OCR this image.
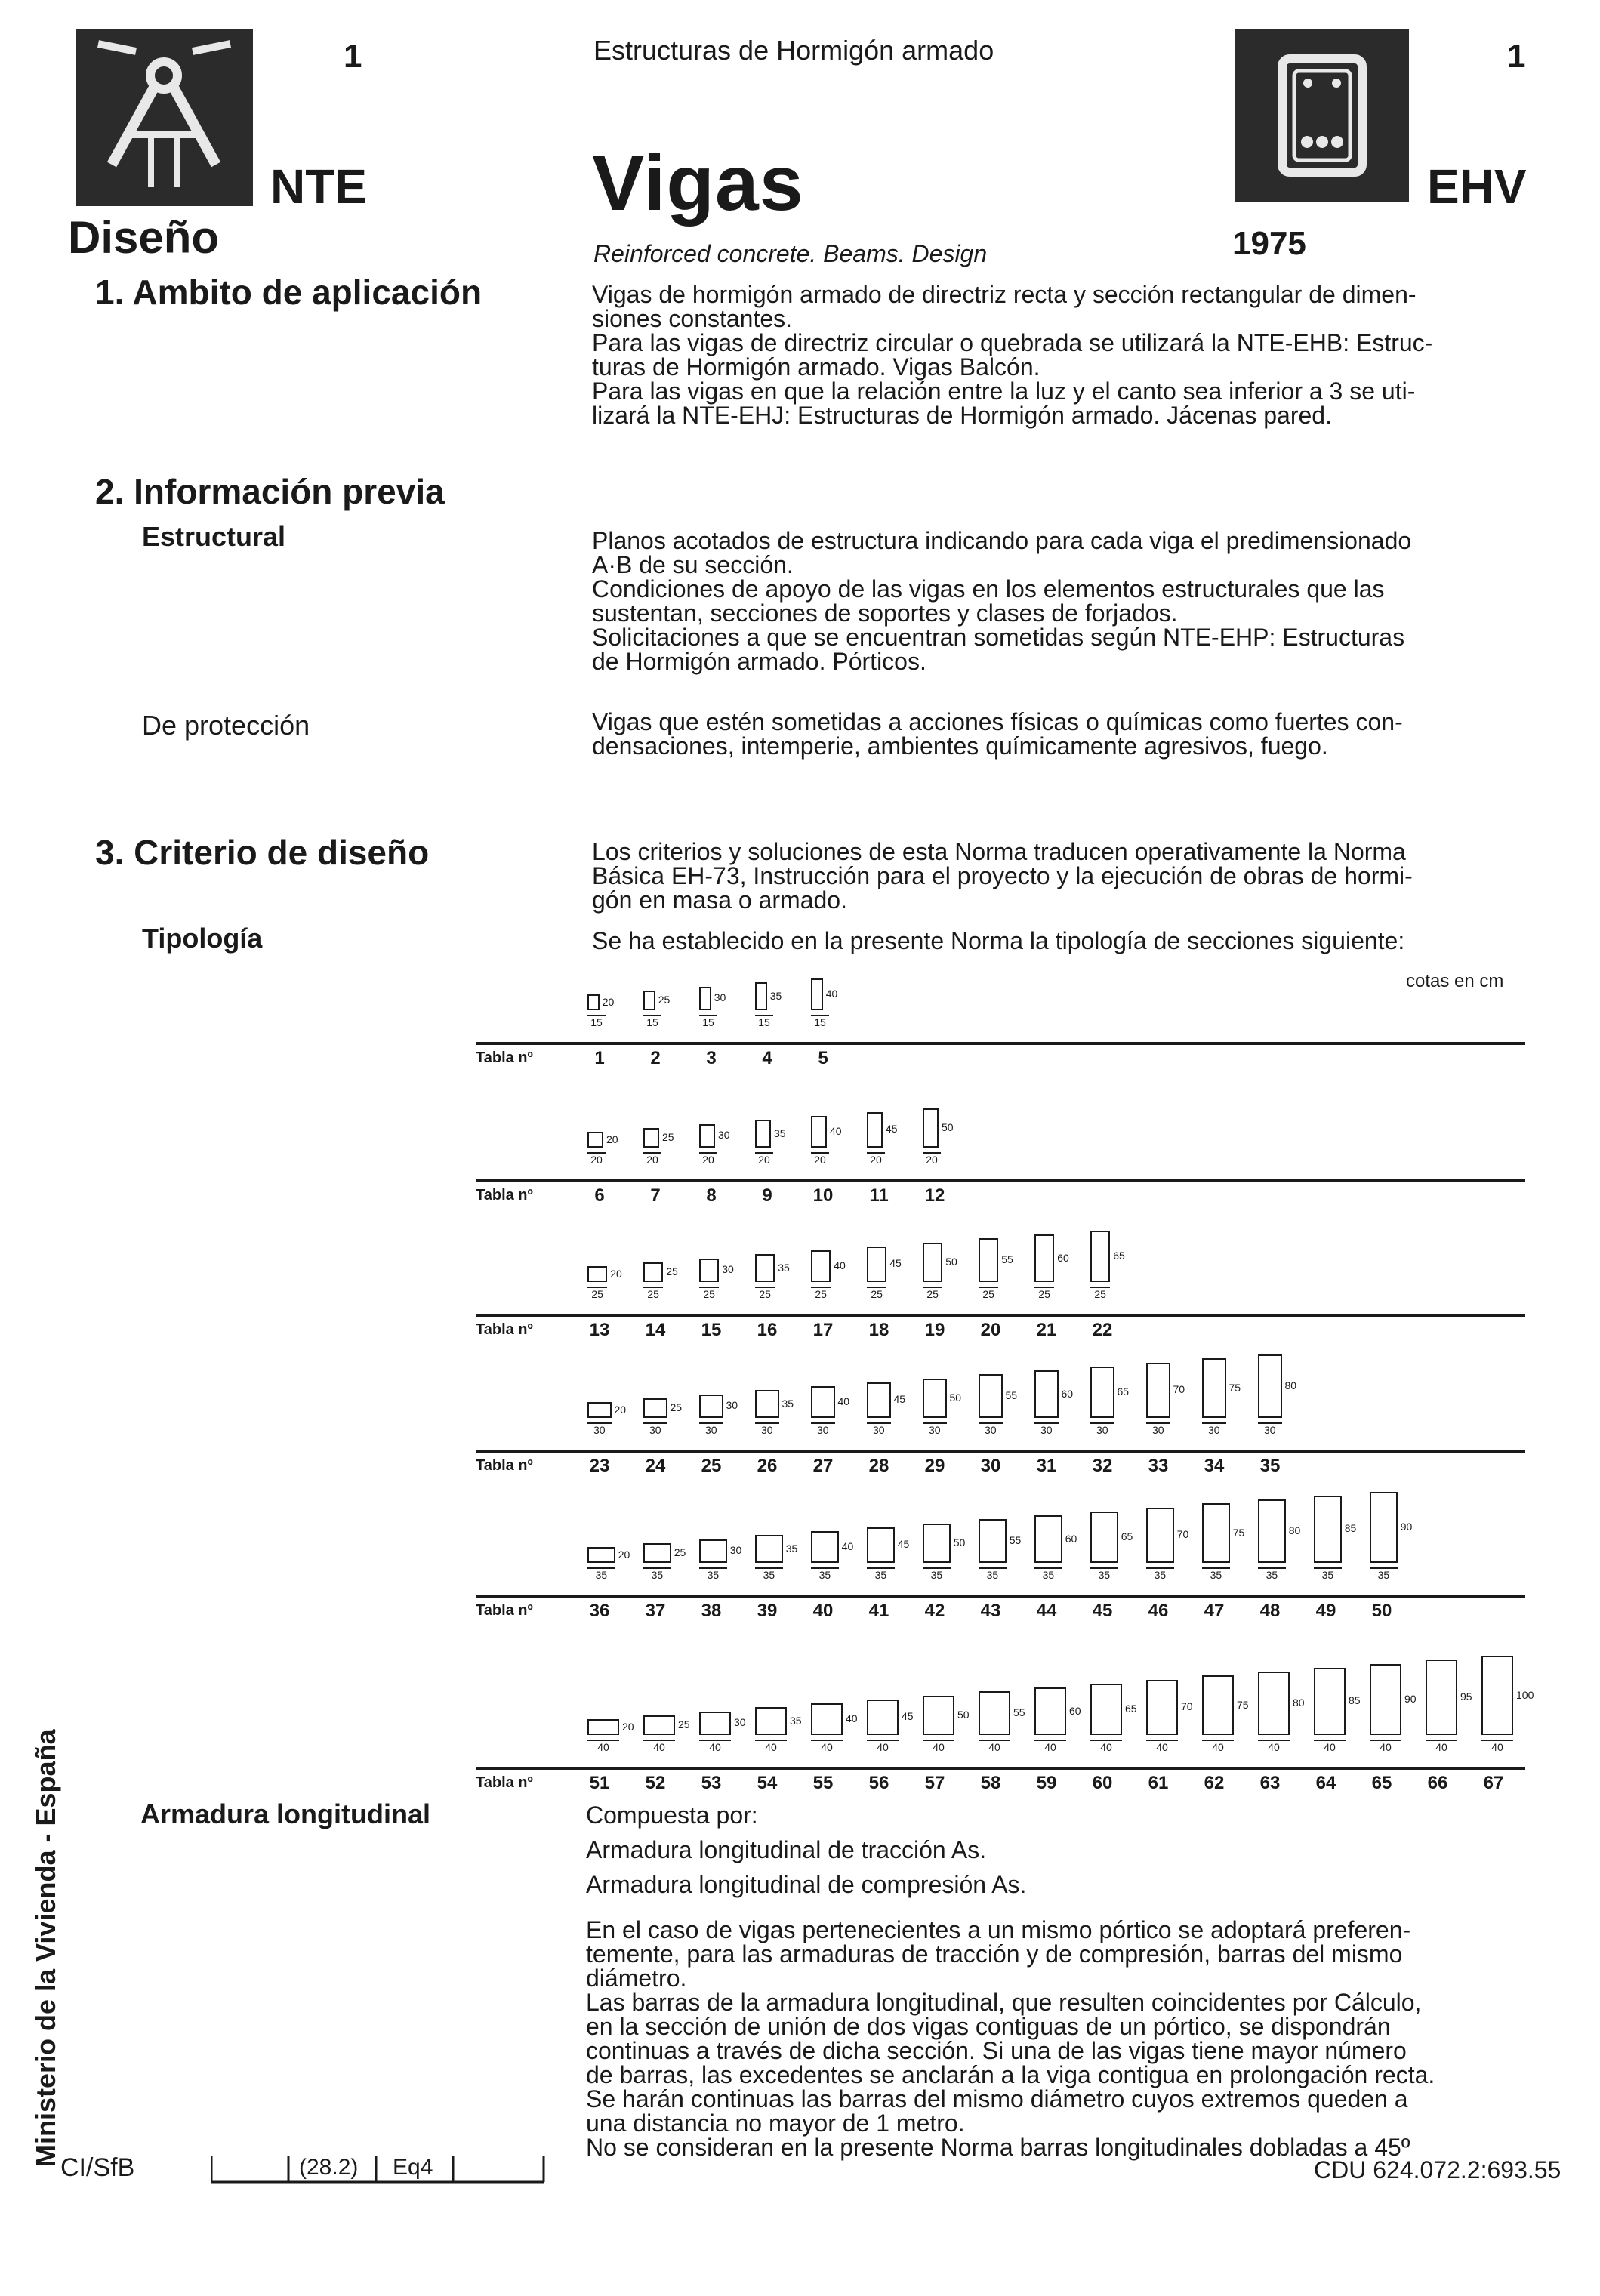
1
NTE
Diseño
Estructuras de Hormigón armado
Vigas
Reinforced concrete. Beams. Design
1
EHV
1975
1. Ambito de aplicación	Vigas de hormigón armado de directriz recta y sección rectangular de dimen-

siones constantes.

Para las vigas de directriz circular o quebrada se utilizará la NTE-EHB: Estruc-

turas de Hormigón armado. Vigas Balcón.

Para las vigas en que la relación entre la luz y el canto sea inferior a 3 se uti-

lizará la NTE-EHJ: Estructuras de Hormigón armado. Jácenas pared.

2. Información previa
Estructural	Planos acotados de estructura indicando para cada viga el predimensionado

A·B de su sección.

Condiciones de apoyo de las vigas en los elementos estructurales que las

sustentan, secciones de soportes y clases de forjados.

Solicitaciones a que se encuentran sometidas según NTE-EHP: Estructuras

de Hormigón armado. Pórticos.

De protección	Vigas que estén sometidas a acciones físicas o químicas como fuertes con-

densaciones, intemperie, ambientes químicamente agresivos, fuego.

3. Criterio de diseño	Los criterios y soluciones de esta Norma traducen operativamente la Norma

Básica EH-73, Instrucción para el proyecto y la ejecución de obras de hormi-

gón en masa o armado.

Tipología	Se ha establecido en la presente Norma la tipología de secciones siguiente:
cotas en cm
Tabla nº
20
15
1
25
15
2
30
15
3
35
15
4
40
15
5
Tabla nº
20
20
6
25
20
7
30
20
8
35
20
9
40
20
10
45
20
11
50
20
12
Tabla nº
20
25
13
25
25
14
30
25
15
35
25
16
40
25
17
45
25
18
50
25
19
55
25
20
60
25
21
65
25
22
Tabla nº
20
30
23
25
30
24
30
30
25
35
30
26
40
30
27
45
30
28
50
30
29
55
30
30
60
30
31
65
30
32
70
30
33
75
30
34
80
30
35
Tabla nº
20
35
36
25
35
37
30
35
38
35
35
39
40
35
40
45
35
41
50
35
42
55
35
43
60
35
44
65
35
45
70
35
46
75
35
47
80
35
48
85
35
49
90
35
50
Tabla nº
20
40
51
25
40
52
30
40
53
35
40
54
40
40
55
45
40
56
50
40
57
55
40
58
60
40
59
65
40
60
70
40
61
75
40
62
80
40
63
85
40
64
90
40
65
95
40
66
100
40
67
Armadura longitudinal	Compuesta por:

Armadura longitudinal de tracción As.

Armadura longitudinal de compresión As.

En el caso de vigas pertenecientes a un mismo pórtico se adoptará preferen-
temente, para las armaduras de tracción y de compresión, barras del mismo
diámetro.
Las barras de la armadura longitudinal, que resulten coincidentes por Cálculo,
en la sección de unión de dos vigas contiguas de un pórtico, se dispondrán
continuas a través de dicha sección. Si una de las vigas tiene mayor número
de barras, las excedentes se anclarán a la viga contigua en prolongación recta.
Se harán continuas las barras del mismo diámetro cuyos extremos queden a
una distancia no mayor de 1 metro.
No se consideran en la presente Norma barras longitudinales dobladas a 45º
Ministerio de la Vivienda - España
CI/SfB	(28.2) Eq4	CDU 624.072.2:693.55
